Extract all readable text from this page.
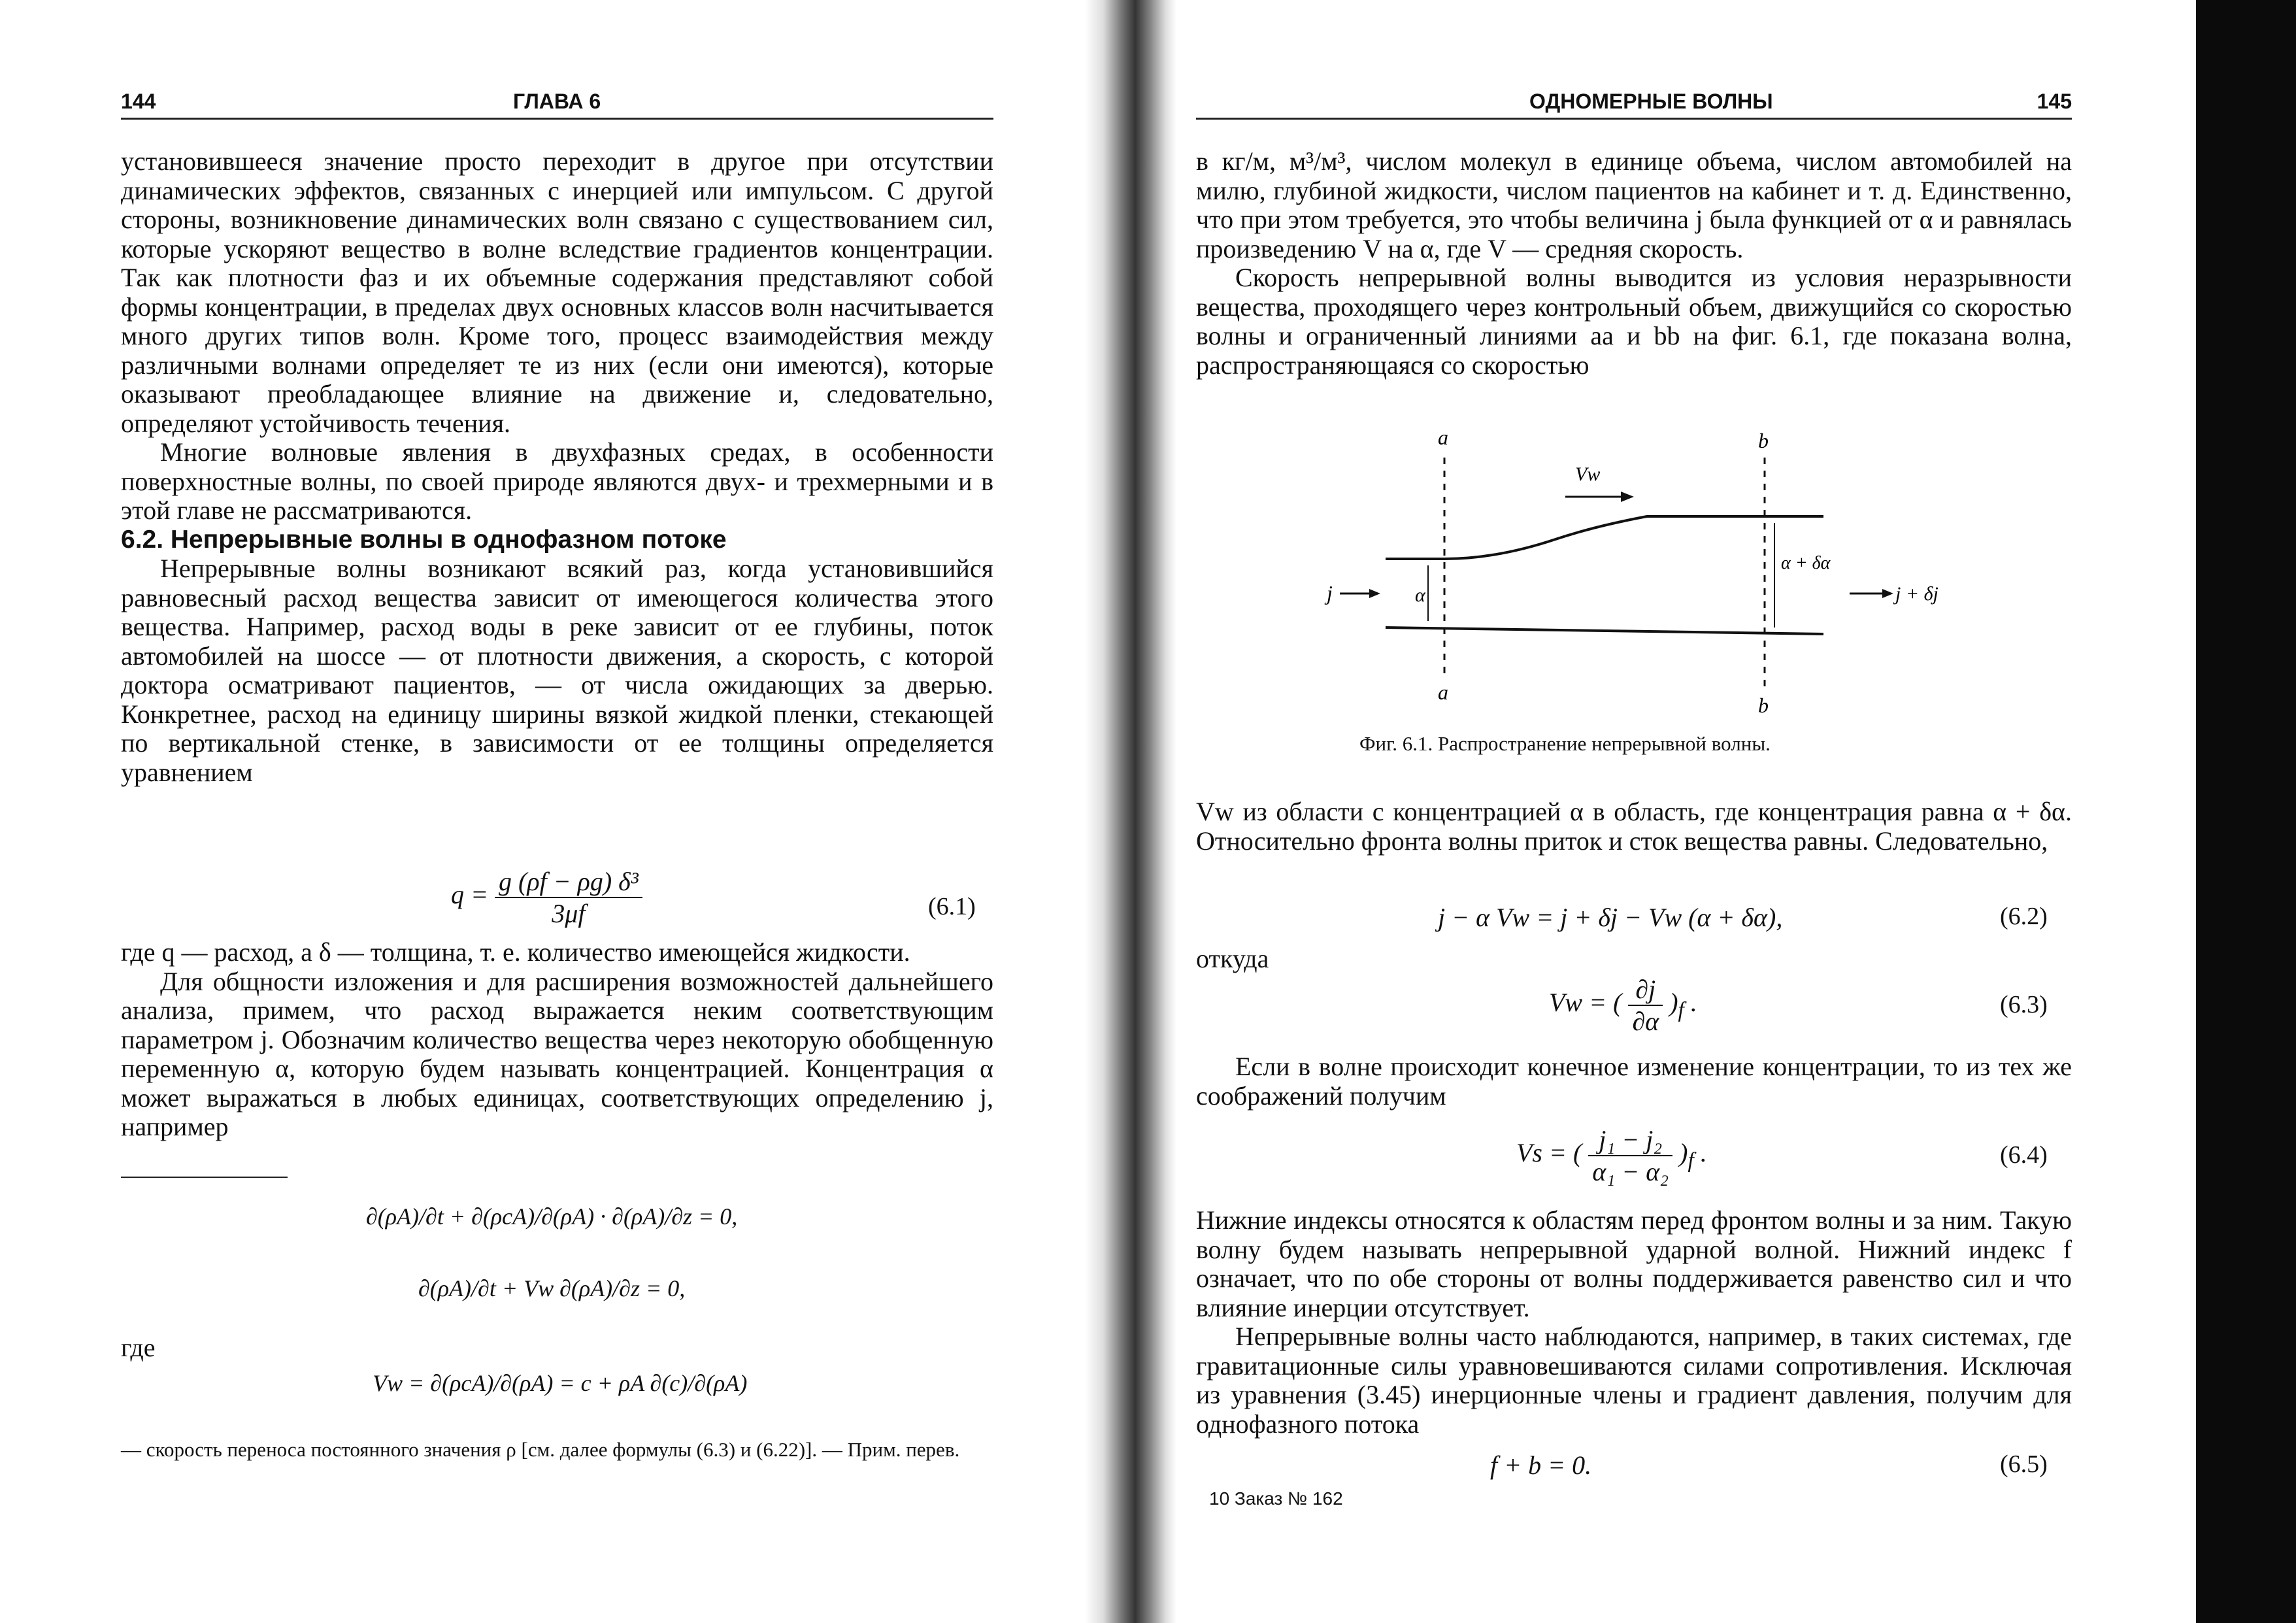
144	ГЛАВА 6

установившееся значение просто переходит в другое при отсутствии динамических эффектов, связанных с инерцией или импульсом. С другой стороны, возникновение динамических волн связано с существованием сил, которые ускоряют вещество в волне вследствие градиентов концентрации. Так как плотности фаз и их объемные содержания представляют собой формы концентрации, в пределах двух основных классов волн насчитывается много других типов волн. Кроме того, процесс взаимодействия между различными волнами определяет те из них (если они имеются), которые оказывают преобладающее влияние на движение и, следовательно, определяют устойчивость течения.

Многие волновые явления в двухфазных средах, в особенности поверхностные волны, по своей природе являются двух- и трехмерными и в этой главе не рассматриваются.

6.2. Непрерывные волны в однофазном потоке

Непрерывные волны возникают всякий раз, когда установившийся равновесный расход вещества зависит от имеющегося количества этого вещества. Например, расход воды в реке зависит от ее глубины, поток автомобилей на шоссе — от плотности движения, а скорость, с которой доктора осматривают пациентов, — от числа ожидающих за дверью. Конкретнее, расход на единицу ширины вязкой жидкой пленки, стекающей по вертикальной стенке, в зависимости от ее толщины определяется уравнением

$q = \frac{\text{g (ρf − ρg) δ³}}{3\mu f}$	(6.1)

где q — расход, а δ — толщина, т. е. количество имеющейся жидкости.

Для общности изложения и для расширения возможностей дальнейшего анализа, примем, что расход выражается неким соответствующим параметром j. Обозначим количество вещества через некоторую обобщенную переменную α, которую будем называть концентрацией. Концентрация α может выражаться в любых единицах, соответствующих определению j, например

∂(ρA)/∂t + ∂(ρcA)/∂(ρA) · ∂(ρA)/∂z = 0,
∂(ρA)/∂t + Vw ∂(ρA)/∂z = 0,
где
Vw = ∂(ρcA)/∂(ρA) = c + ρA ∂(c)/∂(ρA)
— скорость переноса постоянного значения ρ [см. далее формулы (6.3) и (6.22)]. — Прим. перев.
ОДНОМЕРНЫЕ ВОЛНЫ	145

в кг/м, м³/м³, числом молекул в единице объема, числом автомобилей на милю, глубиной жидкости, числом пациентов на кабинет и т. д. Единственно, что при этом требуется, это чтобы величина j была функцией от α и равнялась произведению V на α, где V — средняя скорость.

Скорость непрерывной волны выводится из условия неразрывности вещества, проходящего через контрольный объем, движущийся со скоростью волны и ограниченный линиями aa и bb на фиг. 6.1, где показана волна, распространяющаяся со скоростью

a
a
b
b
Vw
α
α + δα
j	j + δj
Фиг. 6.1. Распространение непрерывной волны.

Vw из области с концентрацией α в область, где концентрация равна α + δα. Относительно фронта волны приток и сток вещества равны. Следовательно,

j − α Vw = j + δj − Vw (α + δα),	(6.2)
откуда
Vw = ( $\frac{\partial j}{\partial\alpha} )_f$ .	(6.3)

Если в волне происходит конечное изменение концентрации, то из тех же соображений получим

Vs = ( $\frac{\text{j₁ − j₂}}{\text{α₁ − α₂}} )_f$ .	(6.4)

Нижние индексы относятся к областям перед фронтом волны и за ним. Такую волну будем называть непрерывной ударной волной. Нижний индекс f означает, что по обе стороны от волны поддерживается равенство сил и что влияние инерции отсутствует.

Непрерывные волны часто наблюдаются, например, в таких системах, где гравитационные силы уравновешиваются силами сопротивления. Исключая из уравнения (3.45) инерционные члены и градиент давления, получим для однофазного потока

f + b = 0.	(6.5)
10 Заказ № 162
